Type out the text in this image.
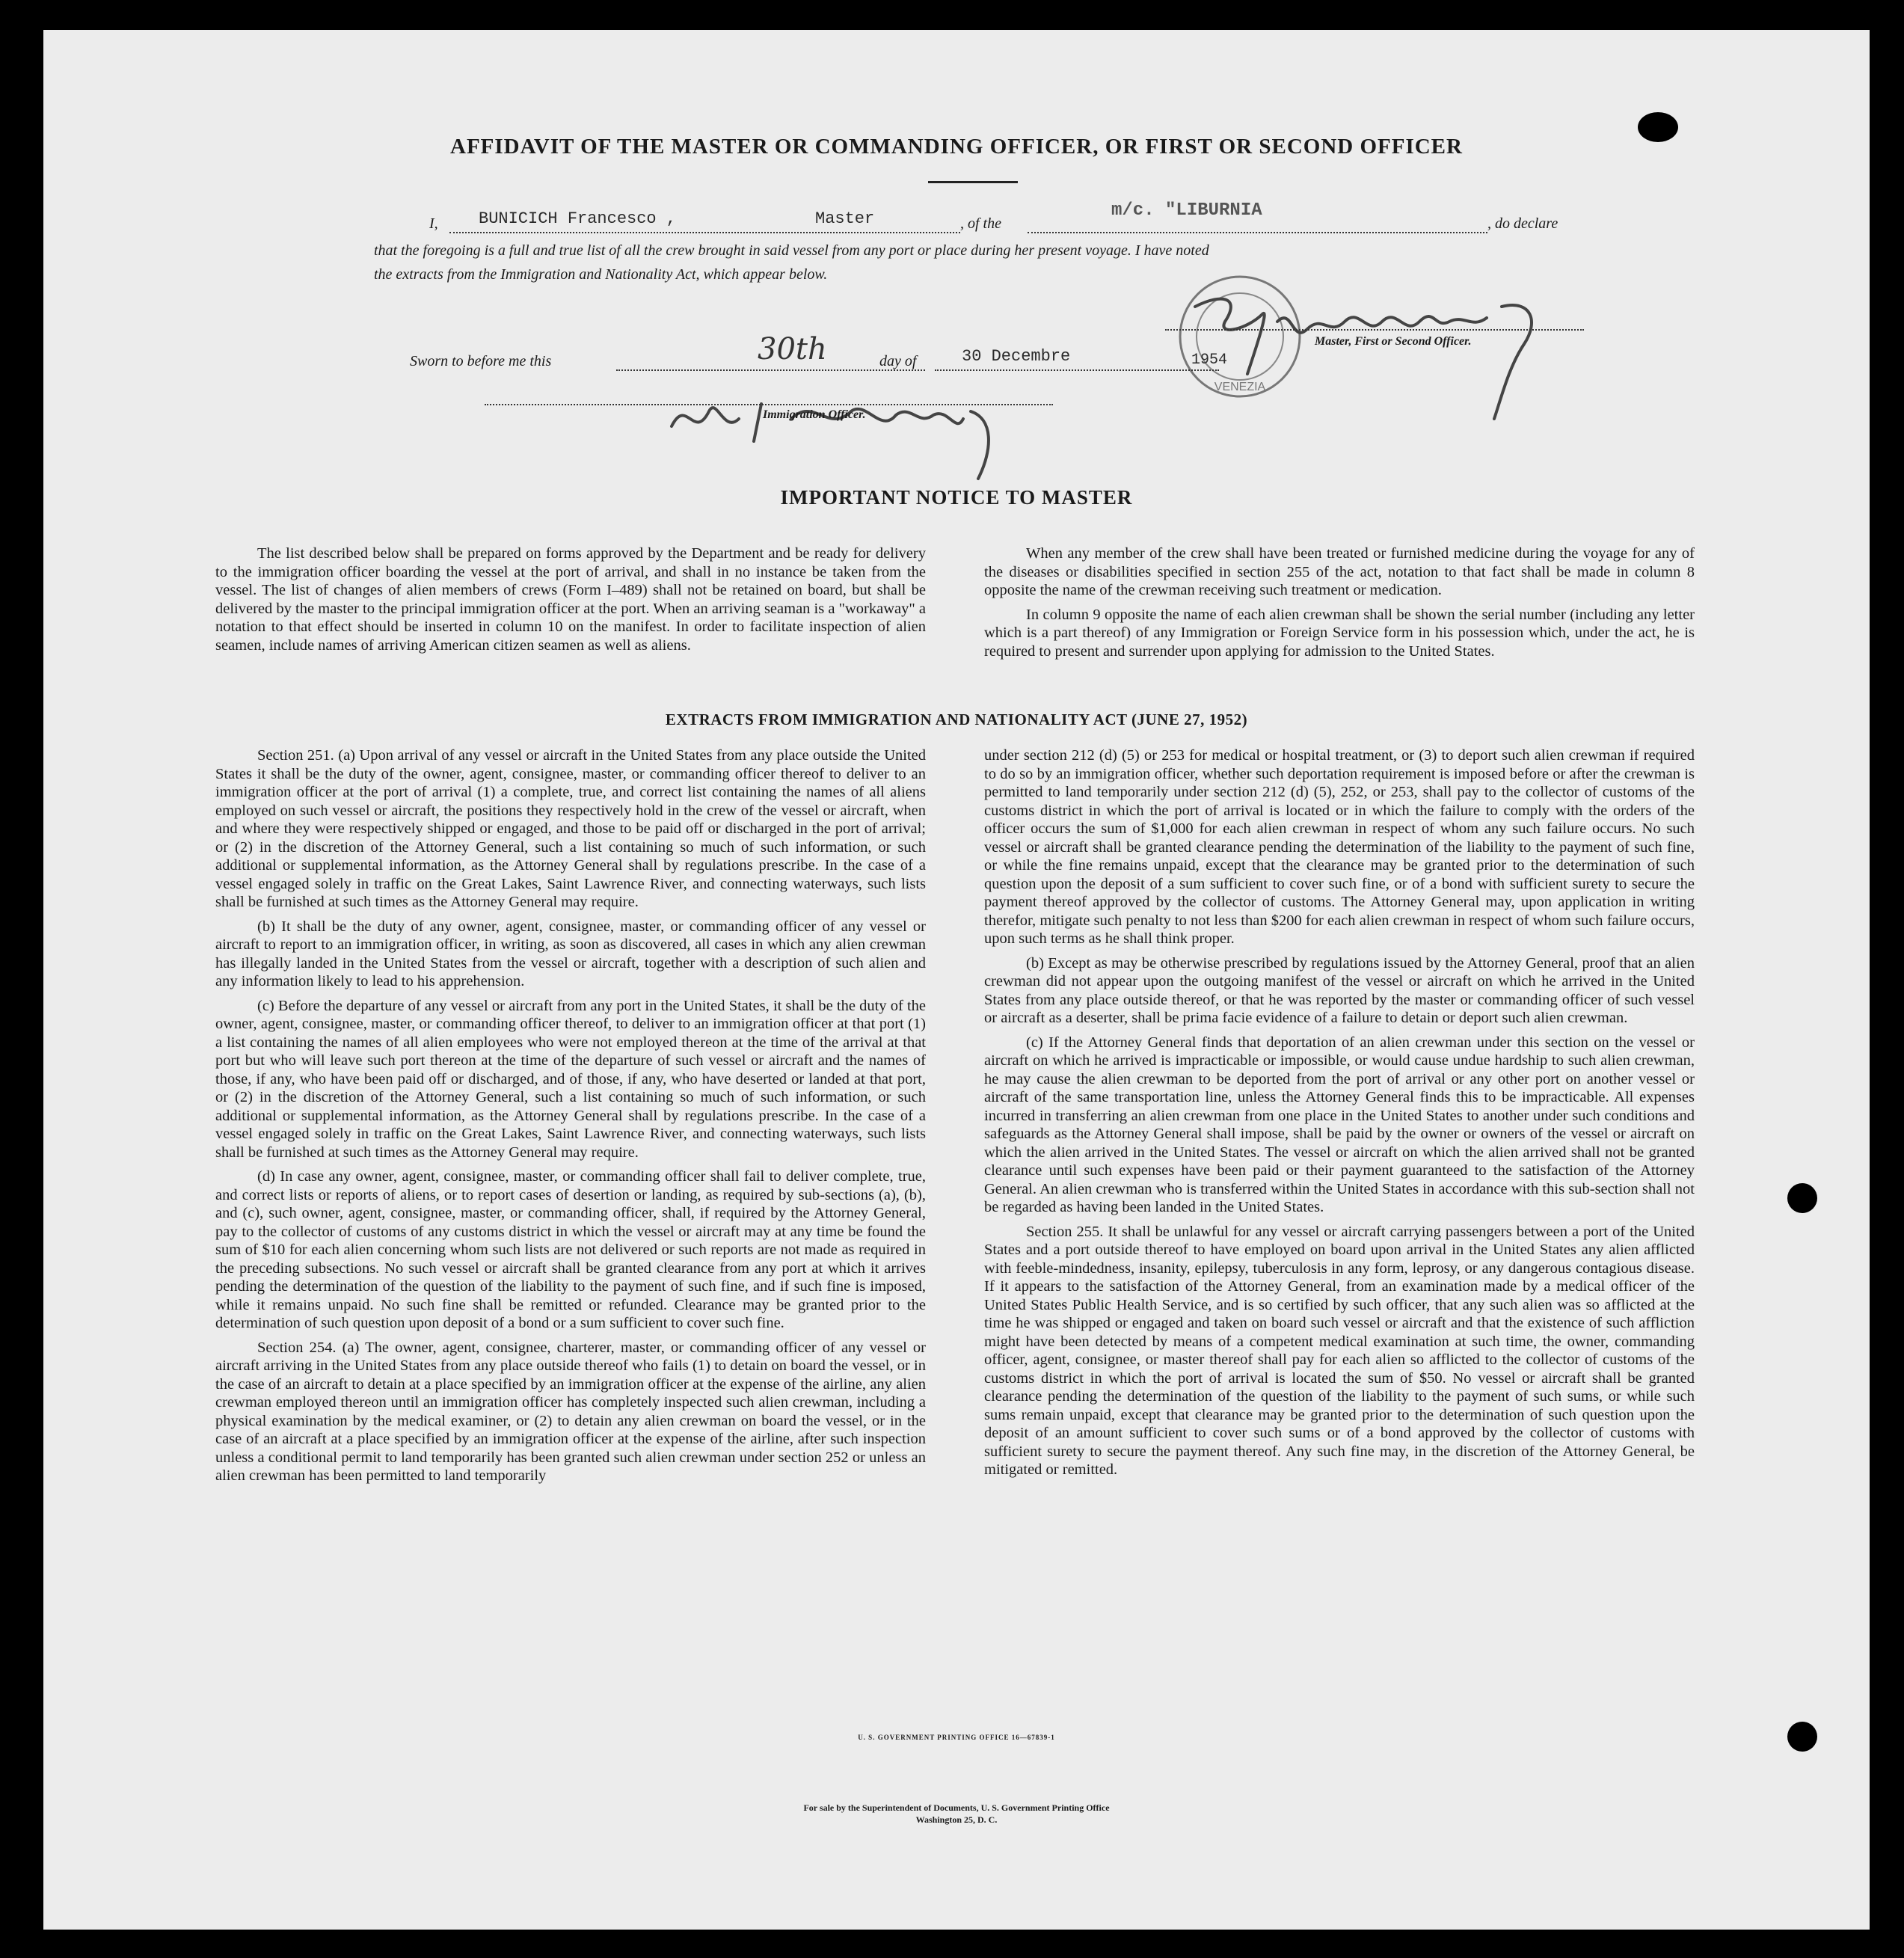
AFFIDAVIT OF THE MASTER OR COMMANDING OFFICER, OR FIRST OR SECOND OFFICER
I, BUNICICH Francesco ,	Master	, of the
m/c. "LIBURNIA
, do declare
that the foregoing is a full and true list of all the crew brought in said vessel from any port or place during her present voyage. I have noted
the extracts from the Immigration and Nationality Act, which appear below.
VENEZIA
Master, First or Second Officer.
Sworn to before me this	30th	day of	30 Decembre	1954
Immigration Officer.
IMPORTANT NOTICE TO MASTER

The list described below shall be prepared on forms approved by the Department and be ready for delivery to the immigration officer boarding the vessel at the port of arrival, and shall in no instance be taken from the vessel. The list of changes of alien members of crews (Form I–489) shall not be retained on board, but shall be delivered by the master to the principal immigration officer at the port. When an arriving seaman is a "workaway" a notation to that effect should be inserted in column 10 on the manifest. In order to facilitate inspection of alien seamen, include names of arriving American citizen seamen as well as aliens.

When any member of the crew shall have been treated or furnished medicine during the voyage for any of the diseases or disabilities specified in section 255 of the act, notation to that fact shall be made in column 8 opposite the name of the crewman receiving such treatment or medication.

In column 9 opposite the name of each alien crewman shall be shown the serial number (including any letter which is a part thereof) of any Immigration or Foreign Service form in his possession which, under the act, he is required to present and surrender upon applying for admission to the United States.

EXTRACTS FROM IMMIGRATION AND NATIONALITY ACT (JUNE 27, 1952)

Section 251. (a) Upon arrival of any vessel or aircraft in the United States from any place outside the United States it shall be the duty of the owner, agent, consignee, master, or commanding officer thereof to deliver to an immigration officer at the port of arrival (1) a complete, true, and correct list containing the names of all aliens employed on such vessel or aircraft, the positions they respectively hold in the crew of the vessel or aircraft, when and where they were respectively shipped or engaged, and those to be paid off or discharged in the port of arrival; or (2) in the discretion of the Attorney General, such a list containing so much of such information, or such additional or supplemental information, as the Attorney General shall by regulations prescribe. In the case of a vessel engaged solely in traffic on the Great Lakes, Saint Lawrence River, and connecting waterways, such lists shall be furnished at such times as the Attorney General may require.

(b) It shall be the duty of any owner, agent, consignee, master, or commanding officer of any vessel or aircraft to report to an immigration officer, in writing, as soon as discovered, all cases in which any alien crewman has illegally landed in the United States from the vessel or aircraft, together with a description of such alien and any information likely to lead to his apprehension.

(c) Before the departure of any vessel or aircraft from any port in the United States, it shall be the duty of the owner, agent, consignee, master, or commanding officer thereof, to deliver to an immigration officer at that port (1) a list containing the names of all alien employees who were not employed thereon at the time of the arrival at that port but who will leave such port thereon at the time of the departure of such vessel or aircraft and the names of those, if any, who have been paid off or discharged, and of those, if any, who have deserted or landed at that port, or (2) in the discretion of the Attorney General, such a list containing so much of such information, or such additional or supplemental information, as the Attorney General shall by regulations prescribe. In the case of a vessel engaged solely in traffic on the Great Lakes, Saint Lawrence River, and connecting waterways, such lists shall be furnished at such times as the Attorney General may require.

(d) In case any owner, agent, consignee, master, or commanding officer shall fail to deliver complete, true, and correct lists or reports of aliens, or to report cases of desertion or landing, as required by sub-sections (a), (b), and (c), such owner, agent, consignee, master, or commanding officer, shall, if required by the Attorney General, pay to the collector of customs of any customs district in which the vessel or aircraft may at any time be found the sum of $10 for each alien concerning whom such lists are not delivered or such reports are not made as required in the preceding subsections. No such vessel or aircraft shall be granted clearance from any port at which it arrives pending the determination of the question of the liability to the payment of such fine, and if such fine is imposed, while it remains unpaid. No such fine shall be remitted or refunded. Clearance may be granted prior to the determination of such question upon deposit of a bond or a sum sufficient to cover such fine.

Section 254. (a) The owner, agent, consignee, charterer, master, or commanding officer of any vessel or aircraft arriving in the United States from any place outside thereof who fails (1) to detain on board the vessel, or in the case of an aircraft to detain at a place specified by an immigration officer at the expense of the airline, any alien crewman employed thereon until an immigration officer has completely inspected such alien crewman, including a physical examination by the medical examiner, or (2) to detain any alien crewman on board the vessel, or in the case of an aircraft at a place specified by an immigration officer at the expense of the airline, after such inspection unless a conditional permit to land temporarily has been granted such alien crewman under section 252 or unless an alien crewman has been permitted to land temporarily

under section 212 (d) (5) or 253 for medical or hospital treatment, or (3) to deport such alien crewman if required to do so by an immigration officer, whether such deportation requirement is imposed before or after the crewman is permitted to land temporarily under section 212 (d) (5), 252, or 253, shall pay to the collector of customs of the customs district in which the port of arrival is located or in which the failure to comply with the orders of the officer occurs the sum of $1,000 for each alien crewman in respect of whom any such failure occurs. No such vessel or aircraft shall be granted clearance pending the determination of the liability to the payment of such fine, or while the fine remains unpaid, except that the clearance may be granted prior to the determination of such question upon the deposit of a sum sufficient to cover such fine, or of a bond with sufficient surety to secure the payment thereof approved by the collector of customs. The Attorney General may, upon application in writing therefor, mitigate such penalty to not less than $200 for each alien crewman in respect of whom such failure occurs, upon such terms as he shall think proper.

(b) Except as may be otherwise prescribed by regulations issued by the Attorney General, proof that an alien crewman did not appear upon the outgoing manifest of the vessel or aircraft on which he arrived in the United States from any place outside thereof, or that he was reported by the master or commanding officer of such vessel or aircraft as a deserter, shall be prima facie evidence of a failure to detain or deport such alien crewman.

(c) If the Attorney General finds that deportation of an alien crewman under this section on the vessel or aircraft on which he arrived is impracticable or impossible, or would cause undue hardship to such alien crewman, he may cause the alien crewman to be deported from the port of arrival or any other port on another vessel or aircraft of the same transportation line, unless the Attorney General finds this to be impracticable. All expenses incurred in transferring an alien crewman from one place in the United States to another under such conditions and safeguards as the Attorney General shall impose, shall be paid by the owner or owners of the vessel or aircraft on which the alien arrived in the United States. The vessel or aircraft on which the alien arrived shall not be granted clearance until such expenses have been paid or their payment guaranteed to the satisfaction of the Attorney General. An alien crewman who is transferred within the United States in accordance with this sub-section shall not be regarded as having been landed in the United States.

Section 255. It shall be unlawful for any vessel or aircraft carrying passengers between a port of the United States and a port outside thereof to have employed on board upon arrival in the United States any alien afflicted with feeble-mindedness, insanity, epilepsy, tuberculosis in any form, leprosy, or any dangerous contagious disease. If it appears to the satisfaction of the Attorney General, from an examination made by a medical officer of the United States Public Health Service, and is so certified by such officer, that any such alien was so afflicted at the time he was shipped or engaged and taken on board such vessel or aircraft and that the existence of such affliction might have been detected by means of a competent medical examination at such time, the owner, commanding officer, agent, consignee, or master thereof shall pay for each alien so afflicted to the collector of customs of the customs district in which the port of arrival is located the sum of $50. No vessel or aircraft shall be granted clearance pending the determination of the question of the liability to the payment of such sums, or while such sums remain unpaid, except that clearance may be granted prior to the determination of such question upon the deposit of an amount sufficient to cover such sums or of a bond approved by the collector of customs with sufficient surety to secure the payment thereof. Any such fine may, in the discretion of the Attorney General, be mitigated or remitted.

U. S. GOVERNMENT PRINTING OFFICE 16—67839-1
For sale by the Superintendent of Documents, U. S. Government Printing Office
Washington 25, D. C.
